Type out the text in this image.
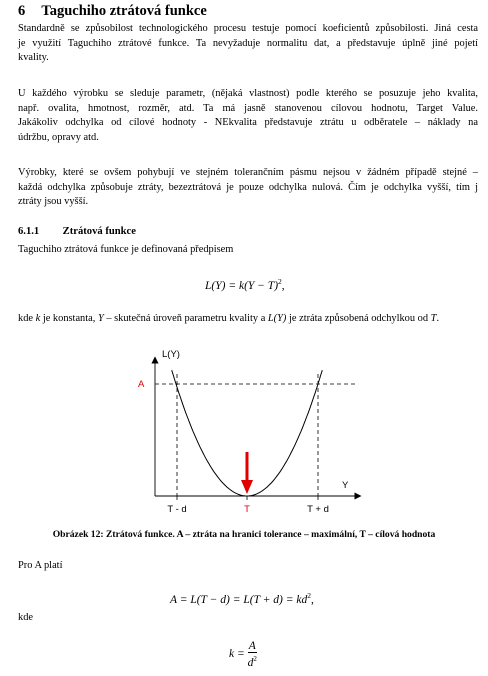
6 Taguchiho ztrátová funkce
Standardně se způsobilost technologického procesu testuje pomocí koeficientů způsobilosti. Jiná cesta
je využití Taguchiho ztrátové funkce. Ta nevyžaduje normalitu dat, a představuje úplně jiné pojetí
kvality.
U každého výrobku se sleduje parametr, (nějaká vlastnost) podle kterého se posuzuje jeho kvalita,
např. ovalita, hmotnost, rozměr, atd. Ta má jasně stanovenou cílovou hodnotu, Target Value.
Jakákoliv odchylka od cílové hodnoty - NEkvalita představuje ztrátu u odběratele – náklady na
údržbu, opravy atd.
Výrobky, které se ovšem pohybují ve stejném tolerančním pásmu nejsou v žádném případě stejné –
každá odchylka způsobuje ztráty, bezeztrátová je pouze odchylka nulová. Čím je odchylka vyšší, tím j
ztráty jsou vyšší.
6.1.1 Ztrátová funkce
Taguchiho ztrátová funkce je definovaná předpisem
$L(Y) = k(Y - T)^2$,
kde k je konstanta, Y – skutečná úroveň parametru kvality a L(Y) je ztráta způsobená odchylkou od T.
L(Y)
Y
A
T - d	T	T + d
Obrázek 12: Ztrátová funkce. A – ztráta na hranici tolerance – maximální, T – cílová hodnota
Pro A platí
$A = L(T - d) = L(T + d) = kd^2$,
kde
$k = \frac{A}{d^2}$
